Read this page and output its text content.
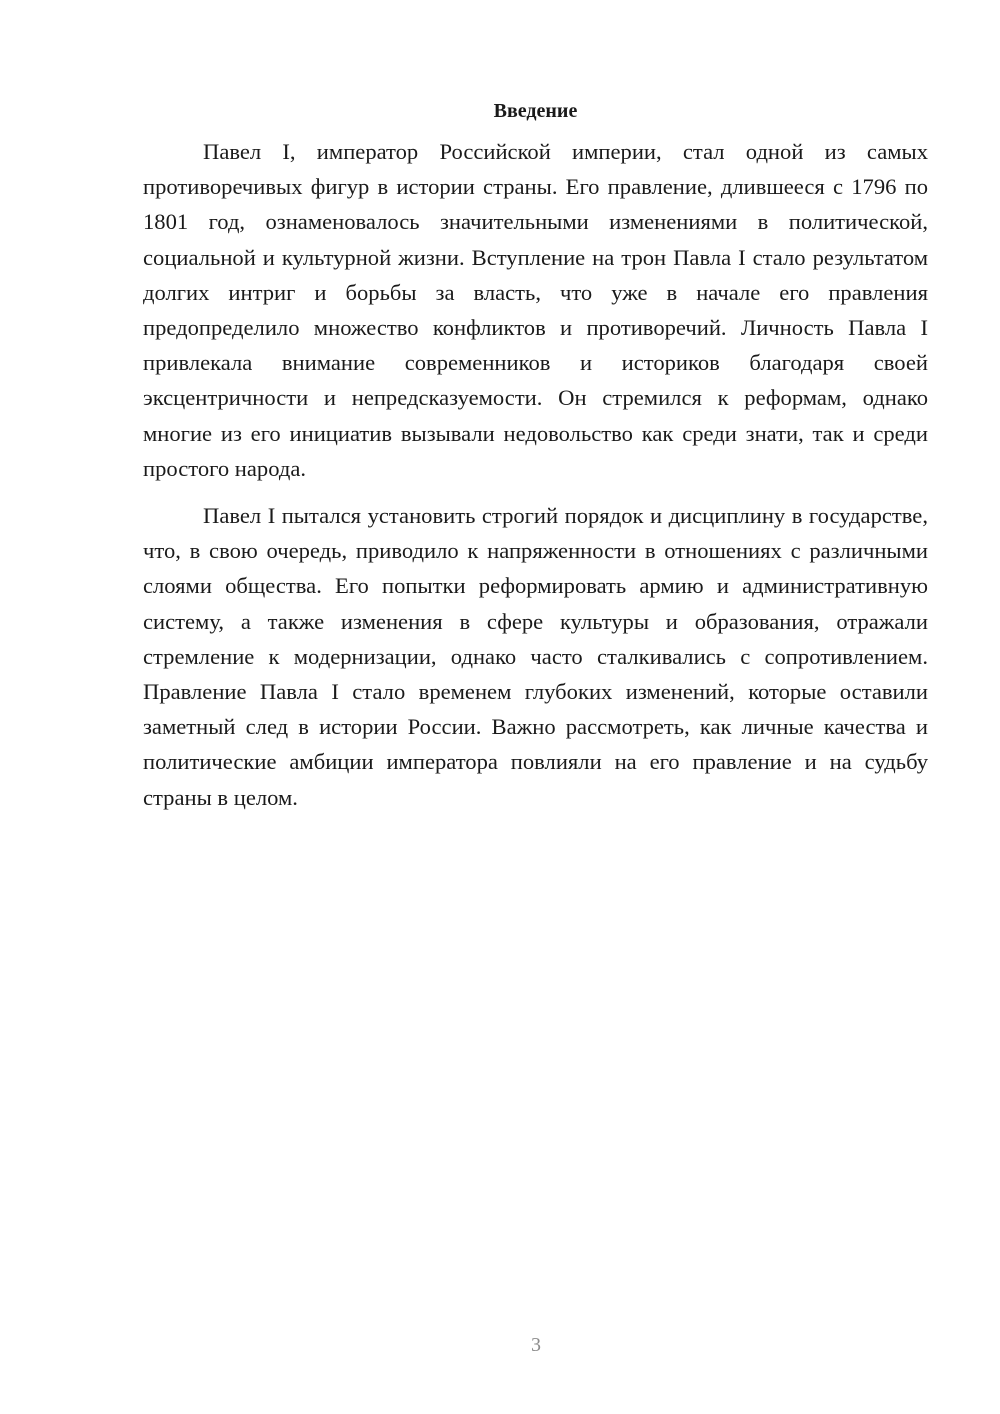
Введение

Павел I, император Российской империи, стал одной из самых противоречивых фигур в истории страны. Его правление, длившееся с 1796 по 1801 год, ознаменовалось значительными изменениями в политической, социальной и культурной жизни. Вступление на трон Павла I стало результатом долгих интриг и борьбы за власть, что уже в начале его правления предопределило множество конфликтов и противоречий. Личность Павла I привлекала внимание современников и историков благодаря своей эксцентричности и непредсказуемости. Он стремился к реформам, однако многие из его инициатив вызывали недовольство как среди знати, так и среди простого народа.

Павел I пытался установить строгий порядок и дисциплину в государстве, что, в свою очередь, приводило к напряженности в отношениях с различными слоями общества. Его попытки реформировать армию и административную систему, а также изменения в сфере культуры и образования, отражали стремление к модернизации, однако часто сталкивались с сопротивлением. Правление Павла I стало временем глубоких изменений, которые оставили заметный след в истории России. Важно рассмотреть, как личные качества и политические амбиции императора повлияли на его правление и на судьбу страны в целом.

3
